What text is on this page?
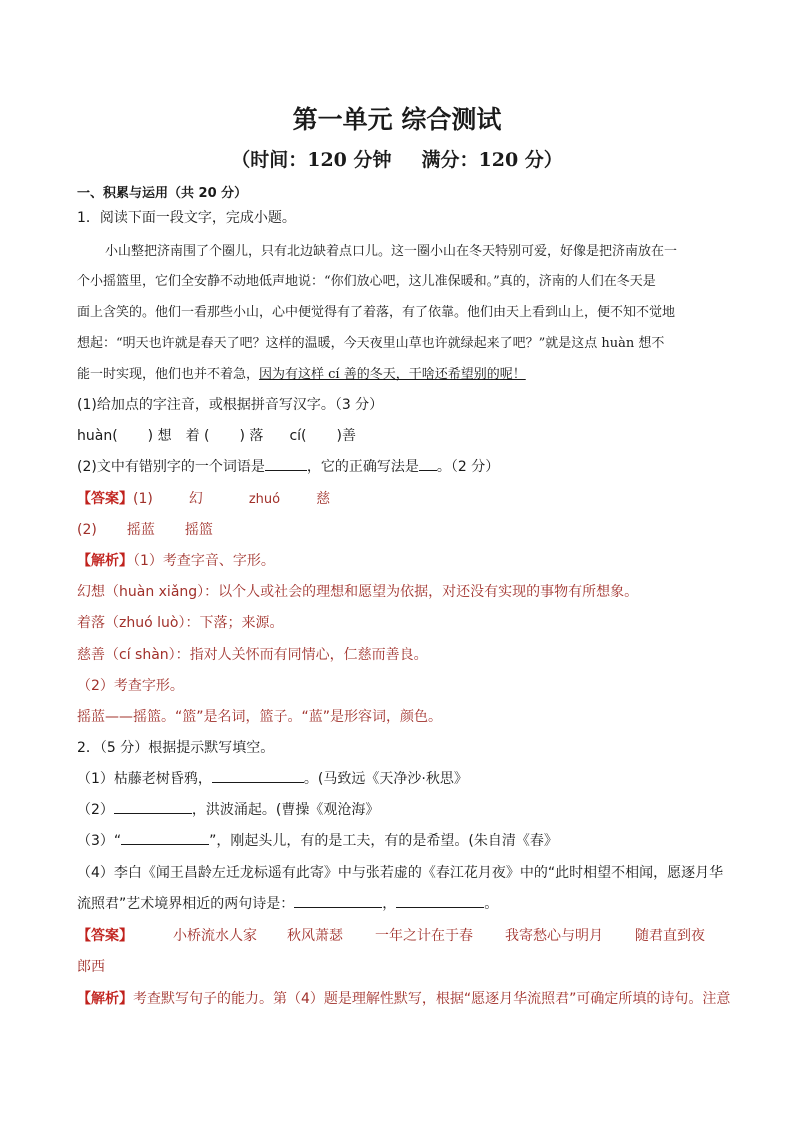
第一单元 综合测试
（时间：120 分钟 满分：120 分）
一、积累与运用（共 20 分）
1．阅读下面一段文字，完成小题。
小山整把济南围了个圈儿，只有北边缺着点口儿。这一圈小山在冬天特别可爱，好像是把济南放在一
个小摇篮里，它们全安静不动地低声地说：“你们放心吧，这儿准保暖和。”真的，济南的人们在冬天是
面上含笑的。他们一看那些小山，心中便觉得有了着落，有了依靠。他们由天上看到山上，便不知不觉地
想起：“明天也许就是春天了吧？这样的温暖，今天夜里山草也许就绿起来了吧？”就是这点 huàn 想不
能一时实现，他们也并不着急，因为有这样 cí 善的冬天，干啥还希望别的呢！
(1)给加点的字注音，或根据拼音写汉字。（3 分）
huàn( ) 想 着 ( ) 落 cí( )善
(2)文中有错别字的一个词语是	，它的正确写法是 。（2 分）
【答案】(1)	幻	zhuó	慈
(2) 摇蓝 摇篮
【解析】（1）考查字音、字形。
幻想（huàn xiǎng）：以个人或社会的理想和愿望为依据，对还没有实现的事物有所想象。
着落（zhuó luò）：下落；来源。
慈善（cí shàn）：指对人关怀而有同情心，仁慈而善良。
（2）考查字形。
摇蓝——摇篮。“篮”是名词，篮子。“蓝”是形容词，颜色。
2．（5 分）根据提示默写填空。
（1）枯藤老树昏鸦，	。(马致远《天净沙·秋思》
（2）	，洪波涌起。(曹操《观沧海》
（3）“	”，刚起头儿，有的是工夫，有的是希望。(朱自清《春》
（4）李白《闻王昌龄左迁龙标遥有此寄》中与张若虚的《春江花月夜》中的“此时相望不相闻，愿逐月华
流照君”艺术境界相近的两句诗是：	，	。
【答案】	小桥流水人家 秋风萧瑟 一年之计在于春 我寄愁心与明月 随君直到夜
郎西
【解析】考查默写句子的能力。第（4）题是理解性默写，根据“愿逐月华流照君”可确定所填的诗句。注意
